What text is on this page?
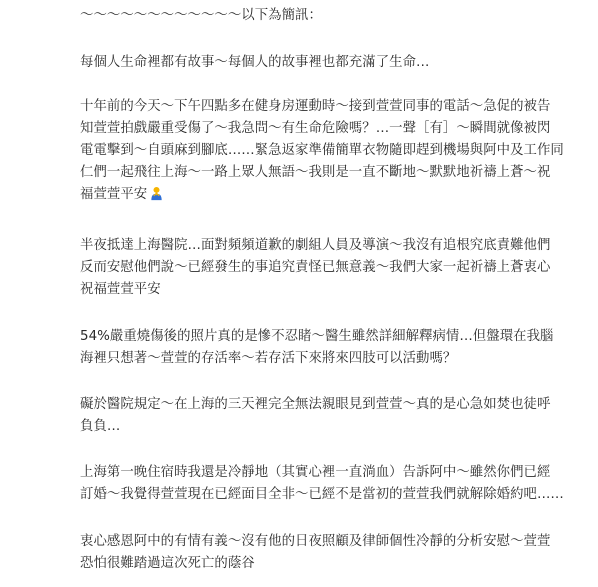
～～～～～～～～～～～～以下為簡訊：

每個人生命裡都有故事～每個人的故事裡也都充滿了生命…

十年前的今天～下午四點多在健身房運動時～接到萱萱同事的電話～急促的被告

知萱萱拍戲嚴重受傷了～我急問～有生命危險嗎？…一聲［有］～瞬間就像被閃

電電擊到～自頭麻到腳底……緊急返家準備簡單衣物隨即趕到機場與阿中及工作同

仁們一起飛往上海～一路上眾人無語～我則是一直不斷地～默默地祈禱上蒼～祝

福萱萱平安

半夜抵達上海醫院…面對頻頻道歉的劇組人員及導演～我沒有追根究底責難他們

反而安慰他們說～已經發生的事追究責怪已無意義～我們大家一起祈禱上蒼衷心

祝福萱萱平安

54%嚴重燒傷後的照片真的是慘不忍睹～醫生雖然詳細解釋病情…但盤環在我腦

海裡只想著～萱萱的存活率～若存活下來將來四肢可以活動嗎？

礙於醫院規定～在上海的三天裡完全無法親眼見到萱萱～真的是心急如焚也徒呼

負負…

上海第一晚住宿時我還是冷靜地（其實心裡一直淌血）告訴阿中～雖然你們已經

訂婚～我覺得萱萱現在已經面目全非～已經不是當初的萱萱我們就解除婚約吧……

衷心感恩阿中的有情有義～沒有他的日夜照顧及律師個性冷靜的分析安慰～萱萱

恐怕很難踏過這次死亡的蔭谷
